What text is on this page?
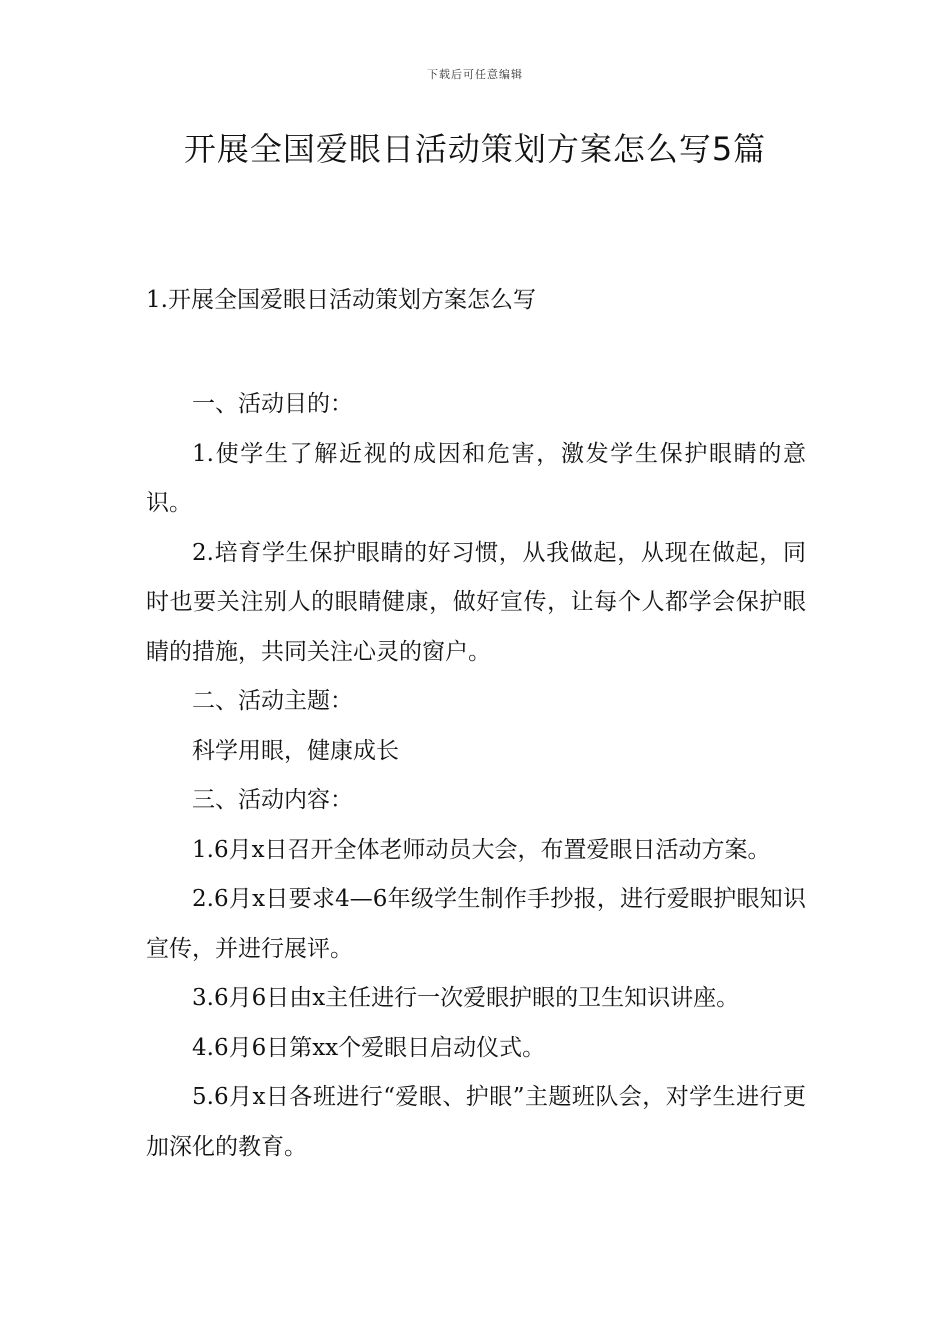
下载后可任意编辑
开展全国爱眼日活动策划方案怎么写5篇
1.开展全国爱眼日活动策划方案怎么写

一、活动目的：

1.使学生了解近视的成因和危害，激发学生保护眼睛的意识。

2.培育学生保护眼睛的好习惯，从我做起，从现在做起，同时也要关注别人的眼睛健康，做好宣传，让每个人都学会保护眼睛的措施，共同关注心灵的窗户。

二、活动主题：

科学用眼，健康成长

三、活动内容：

1.6月x日召开全体老师动员大会，布置爱眼日活动方案。

2.6月x日要求4—6年级学生制作手抄报，进行爱眼护眼知识宣传，并进行展评。

3.6月6日由x主任进行一次爱眼护眼的卫生知识讲座。

4.6月6日第xx个爱眼日启动仪式。

5.6月x日各班进行“爱眼、护眼”主题班队会，对学生进行更加深化的教育。
